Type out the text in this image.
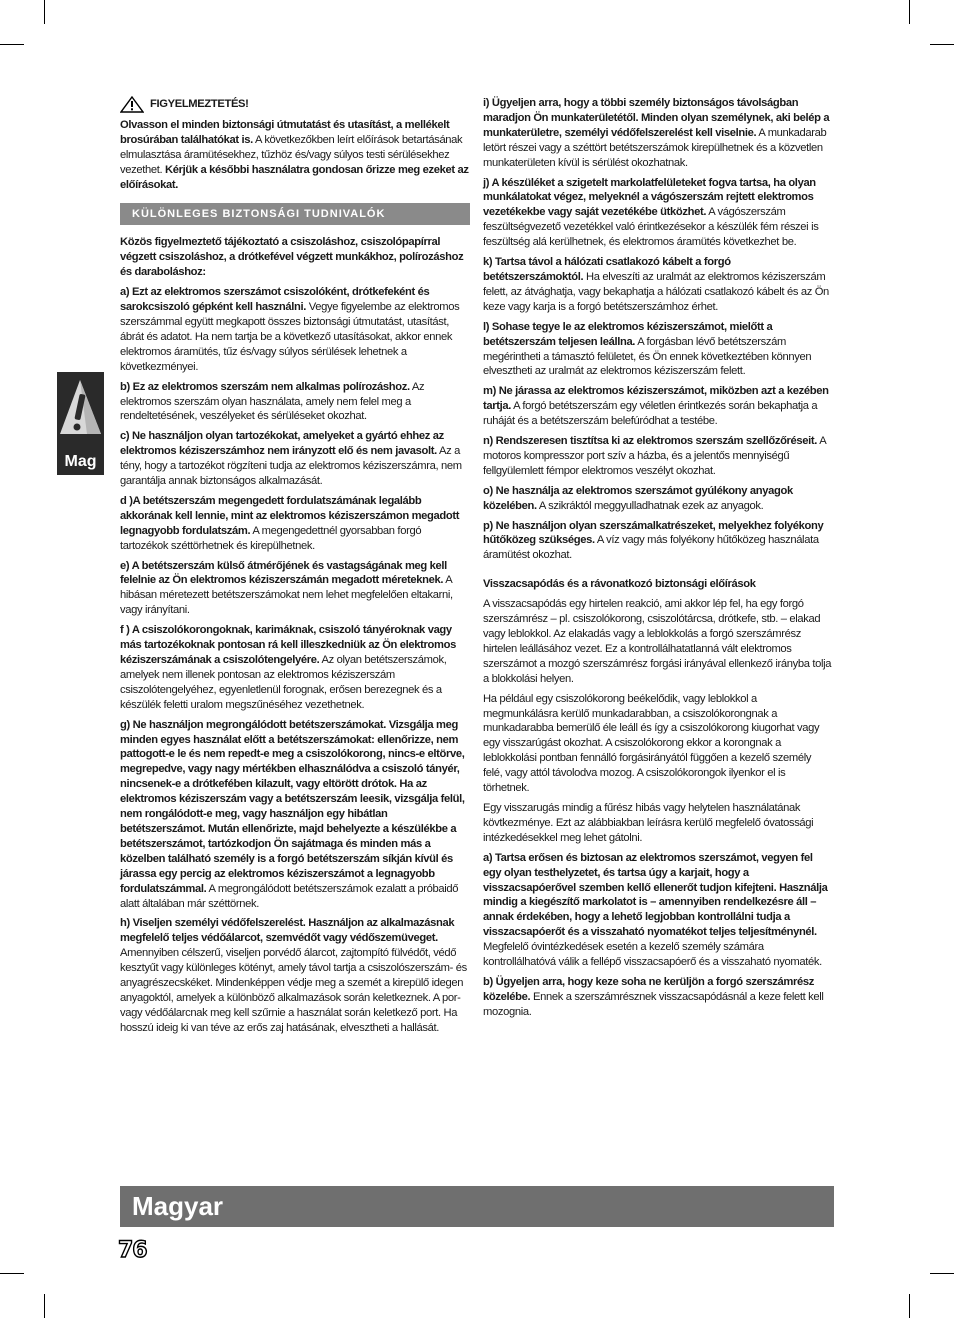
Mag

FIGYELMEZTETÉS!

Olvasson el minden biztonsági útmutatást és utasítást, a mellékelt brosúrában találhatókat is. A következőkben leírt előírások betartásának elmulasztása áramütésekhez, tűzhöz és/vagy súlyos testi sérülésekhez vezethet. Kérjük a későbbi használatra gondosan őrizze meg ezeket az előírásokat.

KÜLÖNLEGES BIZTONSÁGI TUDNIVALÓK

Közös figyelmeztető tájékoztató a csiszoláshoz, csiszolópapírral végzett csiszoláshoz, a drótkefével végzett munkákhoz, polírozáshoz és daraboláshoz:

a) Ezt az elektromos szerszámot csiszolóként, drótkefeként és sarokcsiszoló gépként kell használni. Vegye figyelembe az elektromos szerszámmal együtt megkapott összes biztonsági útmutatást, utasítást, ábrát és adatot. Ha nem tartja be a következő utasításokat, akkor ennek elektromos áramütés, tűz és/vagy súlyos sérülések lehetnek a következményei.

b) Ez az elektromos szerszám nem alkalmas polírozáshoz. Az elektromos szerszám olyan használata, amely nem felel meg a rendeltetésének, veszélyeket és sérüléseket okozhat.

c) Ne használjon olyan tartozékokat, amelyeket a gyártó ehhez az elektromos kéziszerszámhoz nem irányzott elő és nem javasolt. Az a tény, hogy a tartozékot rögzíteni tudja az elektromos kéziszerszámra, nem garantálja annak biztonságos alkalmazását.

d )A betétszerszám megengedett fordulatszámának legalább akkorának kell lennie, mint az elektromos kéziszerszámon megadott legnagyobb fordulatszám. A megengedettnél gyorsabban forgó tartozékok széttörhetnek és kirepülhetnek.

e) A betétszerszám külső átmérőjének és vastagságának meg kell felelnie az Ön elektromos kéziszerszámán megadott méreteknek. A hibásan méretezett betétszerszámokat nem lehet megfelelően eltakarni, vagy irányítani.

f ) A csiszolókorongoknak, karimáknak, csiszoló tányéroknak vagy más tartozékoknak pontosan rá kell illeszkedniük az Ön elektromos kéziszerszámának a csiszolótengelyére. Az olyan betétszerszámok, amelyek nem illenek pontosan az elektromos kéziszerszám csiszolótengelyéhez, egyenletlenül forognak, erősen berezegnek és a készülék feletti uralom megszűnéséhez vezethetnek.

g) Ne használjon megrongálódott betétszerszámokat. Vizsgálja meg minden egyes használat előtt a betétszerszámokat: ellenőrizze, nem pattogott-e le és nem repedt-e meg a csiszolókorong, nincs-e eltörve, megrepedve, vagy nagy mértékben elhasználódva a csiszoló tányér, nincsenek-e a drótkefében kilazult, vagy eltörött drótok. Ha az elektromos kéziszerszám vagy a betétszerszám leesik, vizsgálja felül, nem rongálódott-e meg, vagy használjon egy hibátlan betétszerszámot. Mután ellenőrizte, majd behelyezte a készülékbe a betétszerszámot, tartózkodjon Ön sajátmaga és minden más a közelben található személy is a forgó betétszerszám síkján kívül és járassa egy percig az elektromos kéziszerszámot a legnagyobb fordulatszámmal. A megrongálódott betétszerszámok ezalatt a próbaidő alatt általában már széttörnek.

h) Viseljen személyi védőfelszerelést. Használjon az alkalmazásnak megfelelő teljes védőálarcot, szemvédőt vagy védőszemüveget. Amennyiben célszerű, viseljen porvédő álarcot, zajtompító fülvédőt, védő kesztyűt vagy különleges kötényt, amely távol tartja a csiszolószerszám- és anyagrészecskéket. Mindenképpen védje meg a szemét a kirepülő idegen anyagoktól, amelyek a különböző alkalmazások során keletkeznek. A por- vagy védőálarcnak meg kell szűrnie a használat során keletkező port. Ha hosszú ideig ki van téve az erős zaj hatásának, elvesztheti a hallását.

i) Ügyeljen arra, hogy a többi személy biztonságos távolságban maradjon Ön munkaterületétől. Minden olyan személynek, aki belép a munkaterületre, személyi védőfelszerelést kell viselnie. A munkadarab letört részei vagy a széttört betétszerszámok kirepülhetnek és a közvetlen munkaterületen kívül is sérülést okozhatnak.

j) A készüléket a szigetelt markolatfelületeket fogva tartsa, ha olyan munkálatokat végez, melyeknél a vágószerszám rejtett elektromos vezetékekbe vagy saját vezetékébe ütközhet. A vágószerszám feszültségvezető vezetékkel való érintkezésekor a készülék fém részei is feszültség alá kerülhetnek, és elektromos áramütés következhet be.

k) Tartsa távol a hálózati csatlakozó kábelt a forgó betétszerszámoktól. Ha elveszíti az uralmát az elektromos kéziszerszám felett, az átvághatja, vagy bekaphatja a hálózati csatlakozó kábelt és az Ön keze vagy karja is a forgó betétszerszámhoz érhet.

l) Sohase tegye le az elektromos kéziszerszámot, mielőtt a betétszerszám teljesen leállna. A forgásban lévő betétszerszám megérintheti a támasztó felületet, és Ön ennek következtében könnyen elvesztheti az uralmát az elektromos kéziszerszám felett.

m) Ne járassa az elektromos kéziszerszámot, miközben azt a kezében tartja. A forgó betétszerszám egy véletlen érintkezés során bekaphatja a ruháját és a betétszerszám belefúródhat a testébe.

n) Rendszeresen tisztítsa ki az elektromos szerszám szellőzőréseit. A motoros kompresszor port szív a házba, és a jelentős mennyiségű fellgyülemlett fémpor elektromos veszélyt okozhat.

o) Ne használja az elektromos szerszámot gyúlékony anyagok közelében. A szikráktól meggyulladhatnak ezek az anyagok.

p) Ne használjon olyan szerszámalkatrészeket, melyekhez folyékony hűtőközeg szükséges. A víz vagy más folyékony hűtőközeg használata áramütést okozhat.

Visszacsapódás és a rávonatkozó biztonsági előírások

A visszacsapódás egy hirtelen reakció, ami akkor lép fel, ha egy forgó szerszámrész – pl. csiszolókorong, csiszolótárcsa, drótkefe, stb. – elakad vagy leblokkol. Az elakadás vagy a leblokkolás a forgó szerszámrész hirtelen leállásához vezet. Ez a kontrollálhatatlanná vált elektromos szerszámot a mozgó szerszámrész forgási irányával ellenkező irányba tolja a blokkolási helyen.

Ha például egy csiszolókorong beékelődik, vagy leblokkol a megmunkálásra kerülő munkadarabban, a csiszolókorongnak a munkadarabba bemerülő éle leáll és így a csiszolókorong kiugorhat vagy egy visszarúgást okozhat. A csiszolókorong ekkor a korongnak a leblokkolási pontban fennálló forgásirányától függően a kezelő személy felé, vagy attól távolodva mozog. A csiszolókorongok ilyenkor el is törhetnek.

Egy visszarugás mindig a fűrész hibás vagy helytelen használatának kövtkezménye. Ezt az alábbiakban leírásra kerülő megfelelő óvatossági intézkedésekkel meg lehet gátolni.

a) Tartsa erősen és biztosan az elektromos szerszámot, vegyen fel egy olyan testhelyzetet, és tartsa úgy a karjait, hogy a visszacsapóerővel szemben kellő ellenerőt tudjon kifejteni. Használja mindig a kiegészítő markolatot is – amennyiben rendelkezésre áll – annak érdekében, hogy a lehető legjobban kontrollálni tudja a visszacsapóerőt és a visszaható nyomatékot teljes teljesítménynél. Megfelelő óvintézkedések esetén a kezelő személy számára kontrollálhatóvá válik a fellépő visszacsapóerő és a visszaható nyomaték.

b) Ügyeljen arra, hogy keze soha ne kerüljön a forgó szerszámrész közelébe. Ennek a szerszámrésznek visszacsapódásnál a keze felett kell mozognia.

Magyar
76
